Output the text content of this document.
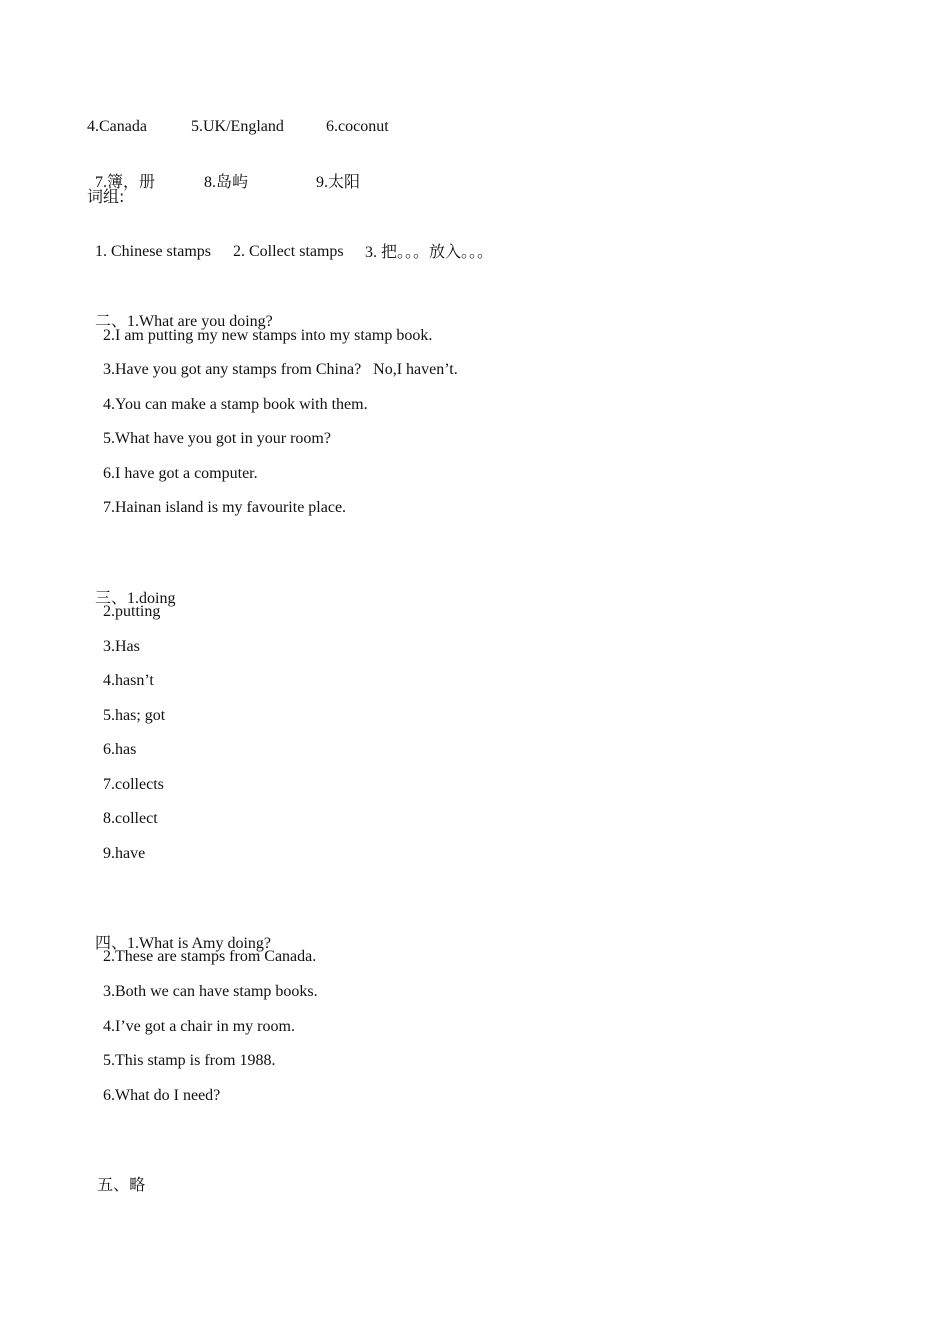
4.Canada	5.UK/England	6.coconut

7.簿，册	8.岛屿	9.太阳

词组:

1. Chinese stamps	2. Collect stamps	3. 把。。。放入。。。

二、1.What are you doing?

2.I am putting my new stamps into my stamp book.
3.Have you got any stamps from China?   No,I haven’t.
4.You can make a stamp book with them.
5.What have you got in your room?
6.I have got a computer.
7.Hainan island is my favourite place.

三、1.doing

2.putting
3.Has
4.hasn’t
5.has; got
6.has
7.collects
8.collect
9.have

四、1.What is Amy doing?

2.These are stamps from Canada.
3.Both we can have stamp books.
4.I’ve got a chair in my room.
5.This stamp is from 1988.
6.What do I need?

五、略
